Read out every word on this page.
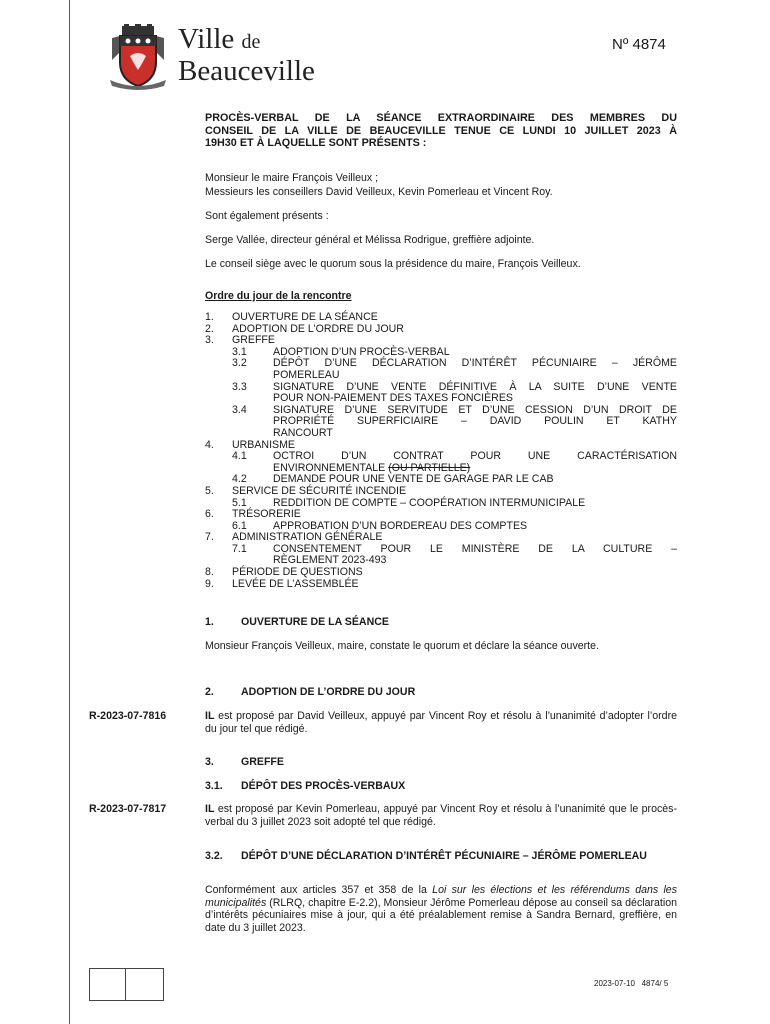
Ville de
Beauceville
Nº 4874
PROCÈS-VERBAL DE LA SÉANCE EXTRAORDINAIRE DES MEMBRES DU
CONSEIL DE LA VILLE DE BEAUCEVILLE TENUE CE LUNDI 10 JUILLET 2023 À
19H30 ET À LAQUELLE SONT PRÉSENTS :
Monsieur le maire François Veilleux ;
Messieurs les conseillers David Veilleux, Kevin Pomerleau et Vincent Roy.
Sont également présents :
Serge Vallée, directeur général et Mélissa Rodrigue, greffière adjointe.
Le conseil siège avec le quorum sous la présidence du maire, François Veilleux.
Ordre du jour de la rencontre
1.	OUVERTURE DE LA SÉANCE
2.	ADOPTION DE L’ORDRE DU JOUR
3.	GREFFE
3.1	ADOPTION D’UN PROCÈS-VERBAL
3.2	DÉPÔT D’UNE DÉCLARATION D’INTÉRÊT PÉCUNIAIRE – JÉRÔME
POMERLEAU
3.3	SIGNATURE D’UNE VENTE DÉFINITIVE À LA SUITE D’UNE VENTE
POUR NON-PAIEMENT DES TAXES FONCIÈRES
3.4	SIGNATURE D’UNE SERVITUDE ET D’UNE CESSION D’UN DROIT DE
PROPRIÉTÉ SUPERFICIAIRE – DAVID POULIN ET KATHY
RANCOURT
4.	URBANISME
4.1	OCTROI D’UN CONTRAT POUR UNE CARACTÉRISATION
ENVIRONNEMENTALE (OU PARTIELLE)
4.2	DEMANDE POUR UNE VENTE DE GARAGE PAR LE CAB
5.	SERVICE DE SÉCURITÉ INCENDIE
5.1	REDDITION DE COMPTE – COOPÉRATION INTERMUNICIPALE
6.	TRÉSORERIE
6.1	APPROBATION D’UN BORDEREAU DES COMPTES
7.	ADMINISTRATION GÉNÉRALE
7.1	CONSENTEMENT POUR LE MINISTÈRE DE LA CULTURE –
RÈGLEMENT 2023-493
8.	PÉRIODE DE QUESTIONS
9.	LEVÉE DE L’ASSEMBLÉE
1.	OUVERTURE DE LA SÉANCE
Monsieur François Veilleux, maire, constate le quorum et déclare la séance ouverte.
2.	ADOPTION DE L’ORDRE DU JOUR
R-2023-07-7816	IL est proposé par David Veilleux, appuyé par Vincent Roy et résolu à l’unanimité d’adopter l’ordre du jour tel que rédigé.
3.	GREFFE
3.1. DÉPÔT DES PROCÈS-VERBAUX
R-2023-07-7817	IL est proposé par Kevin Pomerleau, appuyé par Vincent Roy et résolu à l’unanimité que le procès-verbal du 3 juillet 2023 soit adopté tel que rédigé.
3.2.	DÉPÔT D’UNE DÉCLARATION D’INTÉRÊT PÉCUNIAIRE – JÉRÔME POMERLEAU
Conformément aux articles 357 et 358 de la Loi sur les élections et les référendums dans les municipalités (RLRQ, chapitre E-2.2), Monsieur Jérôme Pomerleau dépose au conseil sa déclaration d’intérêts pécuniaires mise à jour, qui a été préalablement remise à Sandra Bernard, greffière, en date du 3 juillet 2023.
2023-07-10 4874/ 5
